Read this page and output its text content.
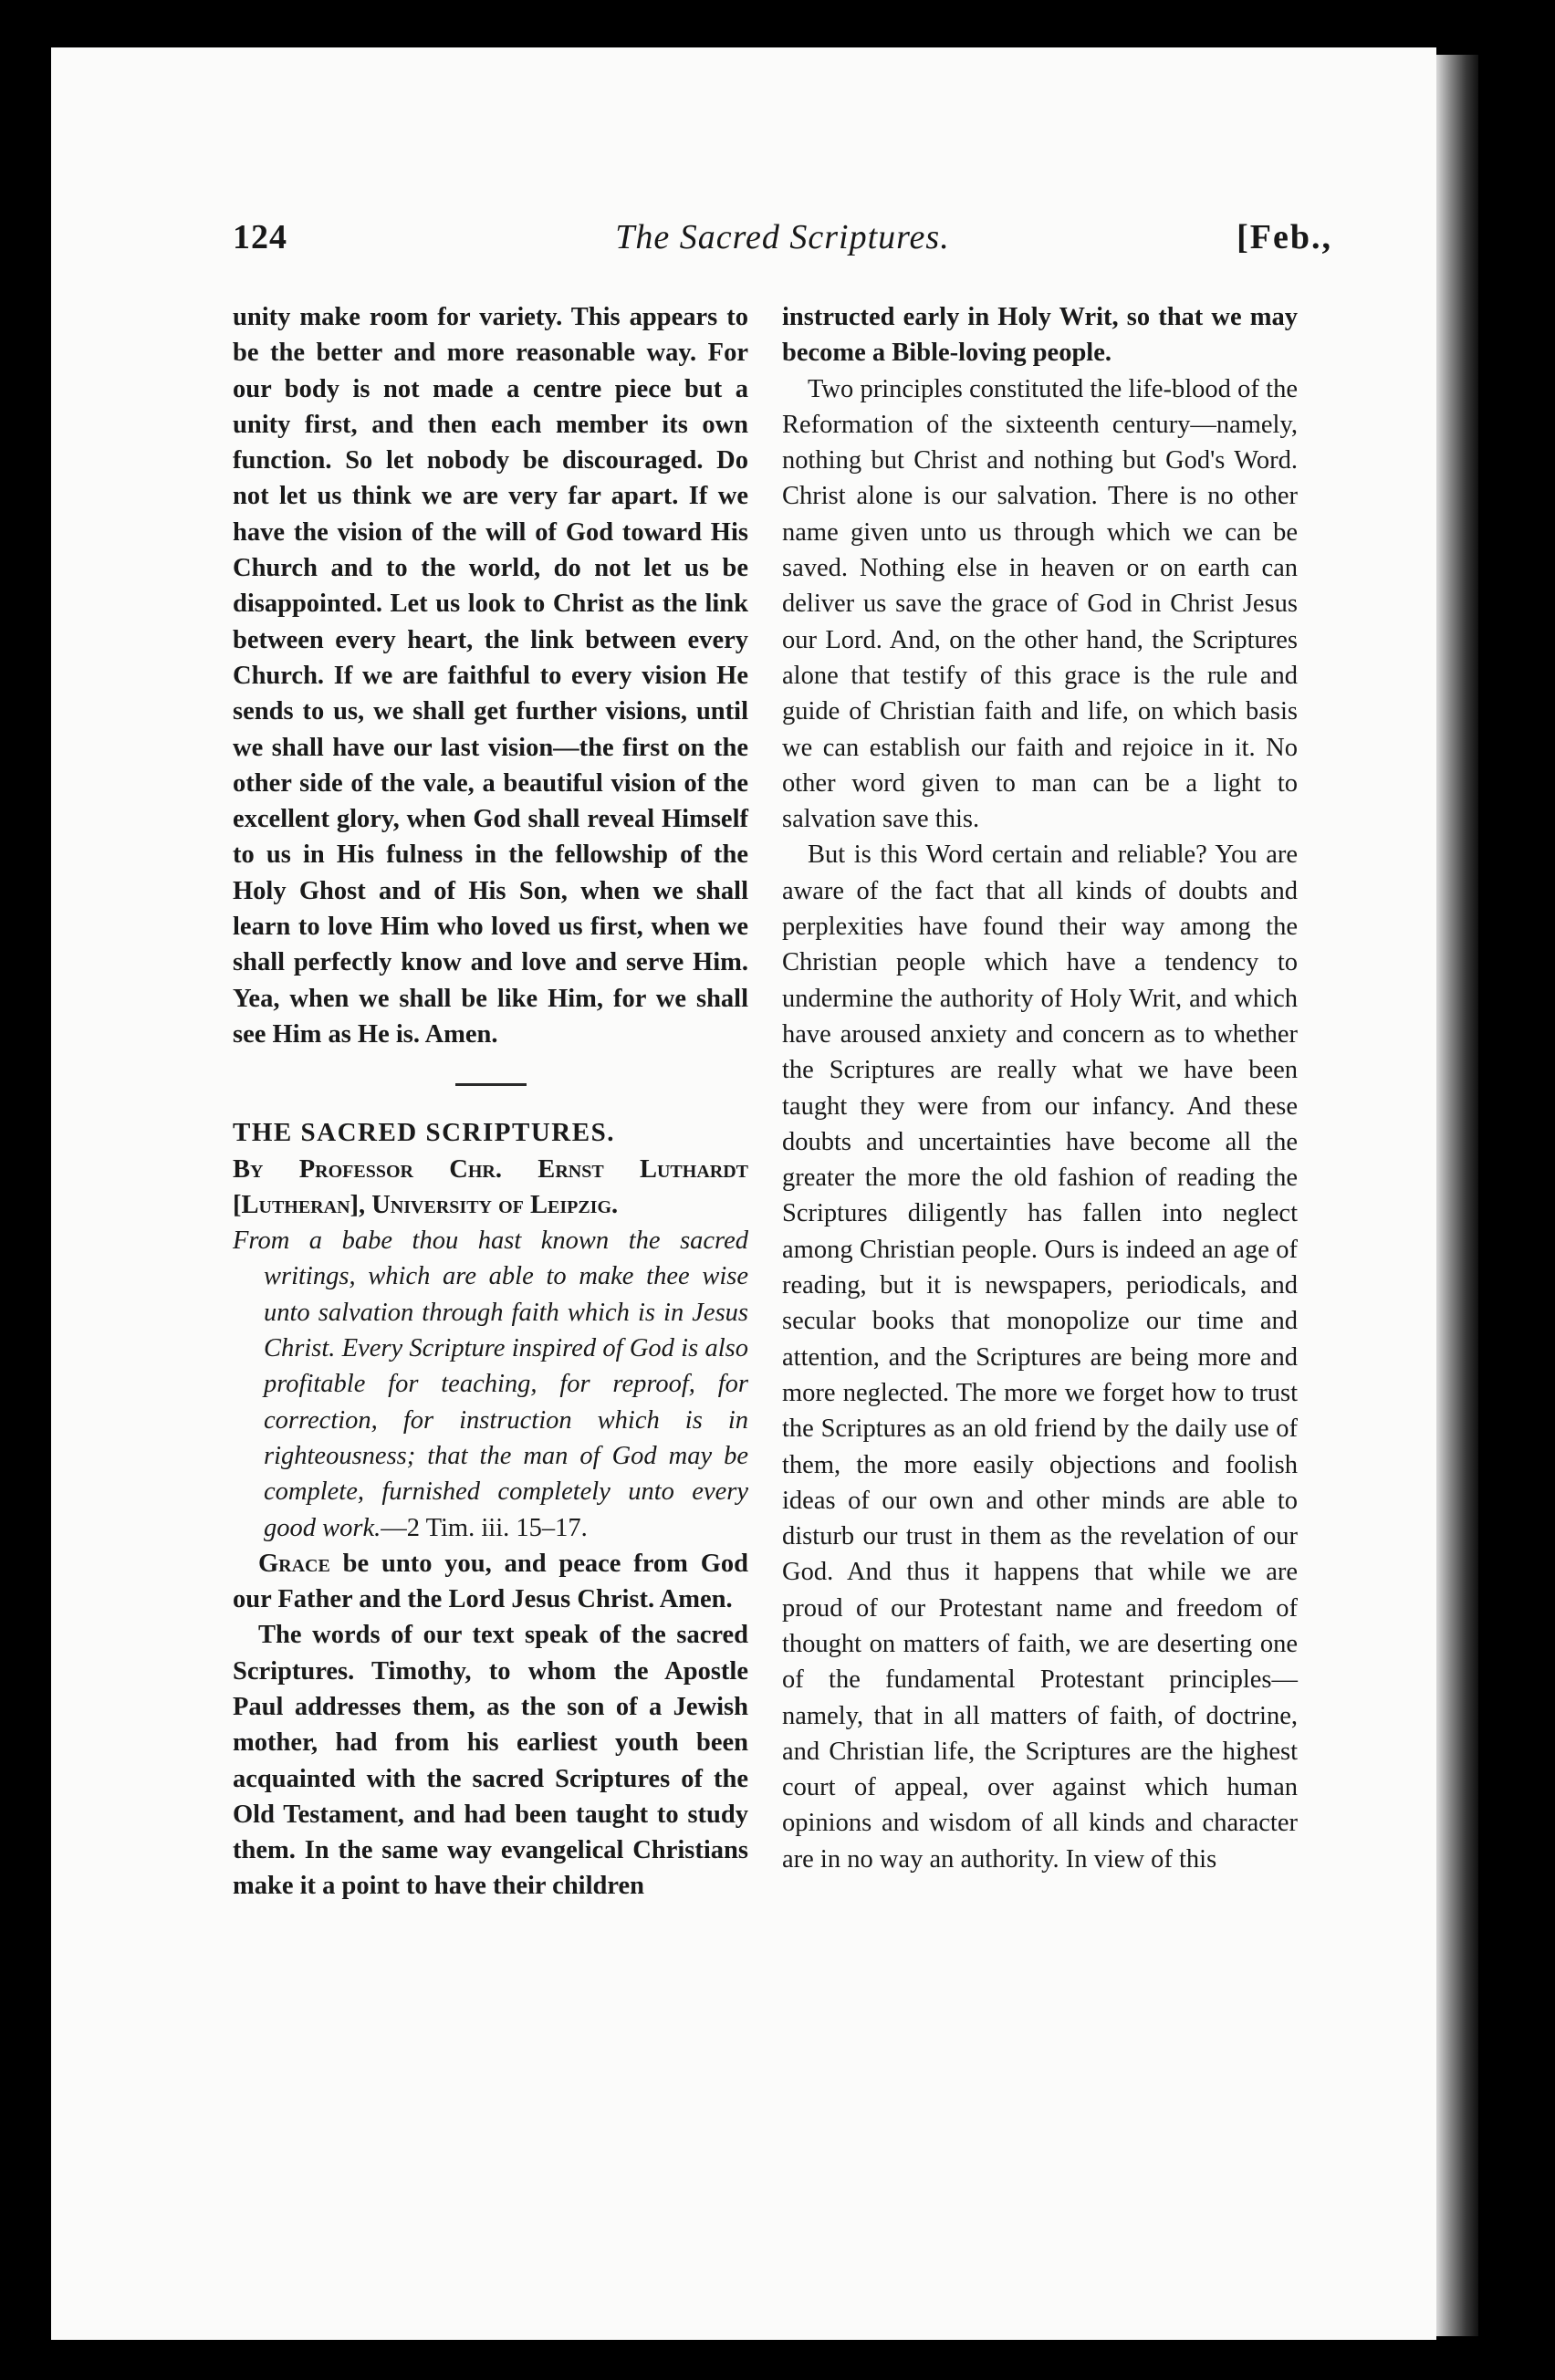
124	The Sacred Scriptures.	[Feb.,

unity make room for variety. This appears to be the better and more reasonable way. For our body is not made a centre piece but a unity first, and then each member its own function. So let nobody be discouraged. Do not let us think we are very far apart. If we have the vision of the will of God toward His Church and to the world, do not let us be disappointed. Let us look to Christ as the link between every heart, the link between every Church. If we are faithful to every vision He sends to us, we shall get further visions, until we shall have our last vision—the first on the other side of the vale, a beautiful vision of the excellent glory, when God shall reveal Himself to us in His fulness in the fellowship of the Holy Ghost and of His Son, when we shall learn to love Him who loved us first, when we shall perfectly know and love and serve Him. Yea, when we shall be like Him, for we shall see Him as He is. Amen.

THE SACRED SCRIPTURES.

By Professor Chr. Ernst Luthardt [Lutheran], University of Leipzig.

From a babe thou hast known the sacred writings, which are able to make thee wise unto salvation through faith which is in Jesus Christ. Every Scripture inspired of God is also profitable for teaching, for reproof, for correction, for instruction which is in righteousness; that the man of God may be complete, furnished completely unto every good work.—2 Tim. iii. 15–17.

Grace be unto you, and peace from God our Father and the Lord Jesus Christ. Amen.

The words of our text speak of the sacred Scriptures. Timothy, to whom the Apostle Paul addresses them, as the son of a Jewish mother, had from his earliest youth been acquainted with the sacred Scriptures of the Old Testament, and had been taught to study them. In the same way evangelical Christians make it a point to have their children

instructed early in Holy Writ, so that we may become a Bible-loving people.

Two principles constituted the life-blood of the Reformation of the sixteenth century—namely, nothing but Christ and nothing but God's Word. Christ alone is our salvation. There is no other name given unto us through which we can be saved. Nothing else in heaven or on earth can deliver us save the grace of God in Christ Jesus our Lord. And, on the other hand, the Scriptures alone that testify of this grace is the rule and guide of Christian faith and life, on which basis we can establish our faith and rejoice in it. No other word given to man can be a light to salvation save this.

But is this Word certain and reliable? You are aware of the fact that all kinds of doubts and perplexities have found their way among the Christian people which have a tendency to undermine the authority of Holy Writ, and which have aroused anxiety and concern as to whether the Scriptures are really what we have been taught they were from our infancy. And these doubts and uncertainties have become all the greater the more the old fashion of reading the Scriptures diligently has fallen into neglect among Christian people. Ours is indeed an age of reading, but it is newspapers, periodicals, and secular books that monopolize our time and attention, and the Scriptures are being more and more neglected. The more we forget how to trust the Scriptures as an old friend by the daily use of them, the more easily objections and foolish ideas of our own and other minds are able to disturb our trust in them as the revelation of our God. And thus it happens that while we are proud of our Protestant name and freedom of thought on matters of faith, we are deserting one of the fundamental Protestant principles—namely, that in all matters of faith, of doctrine, and Christian life, the Scriptures are the highest court of appeal, over against which human opinions and wisdom of all kinds and character are in no way an authority. In view of this
